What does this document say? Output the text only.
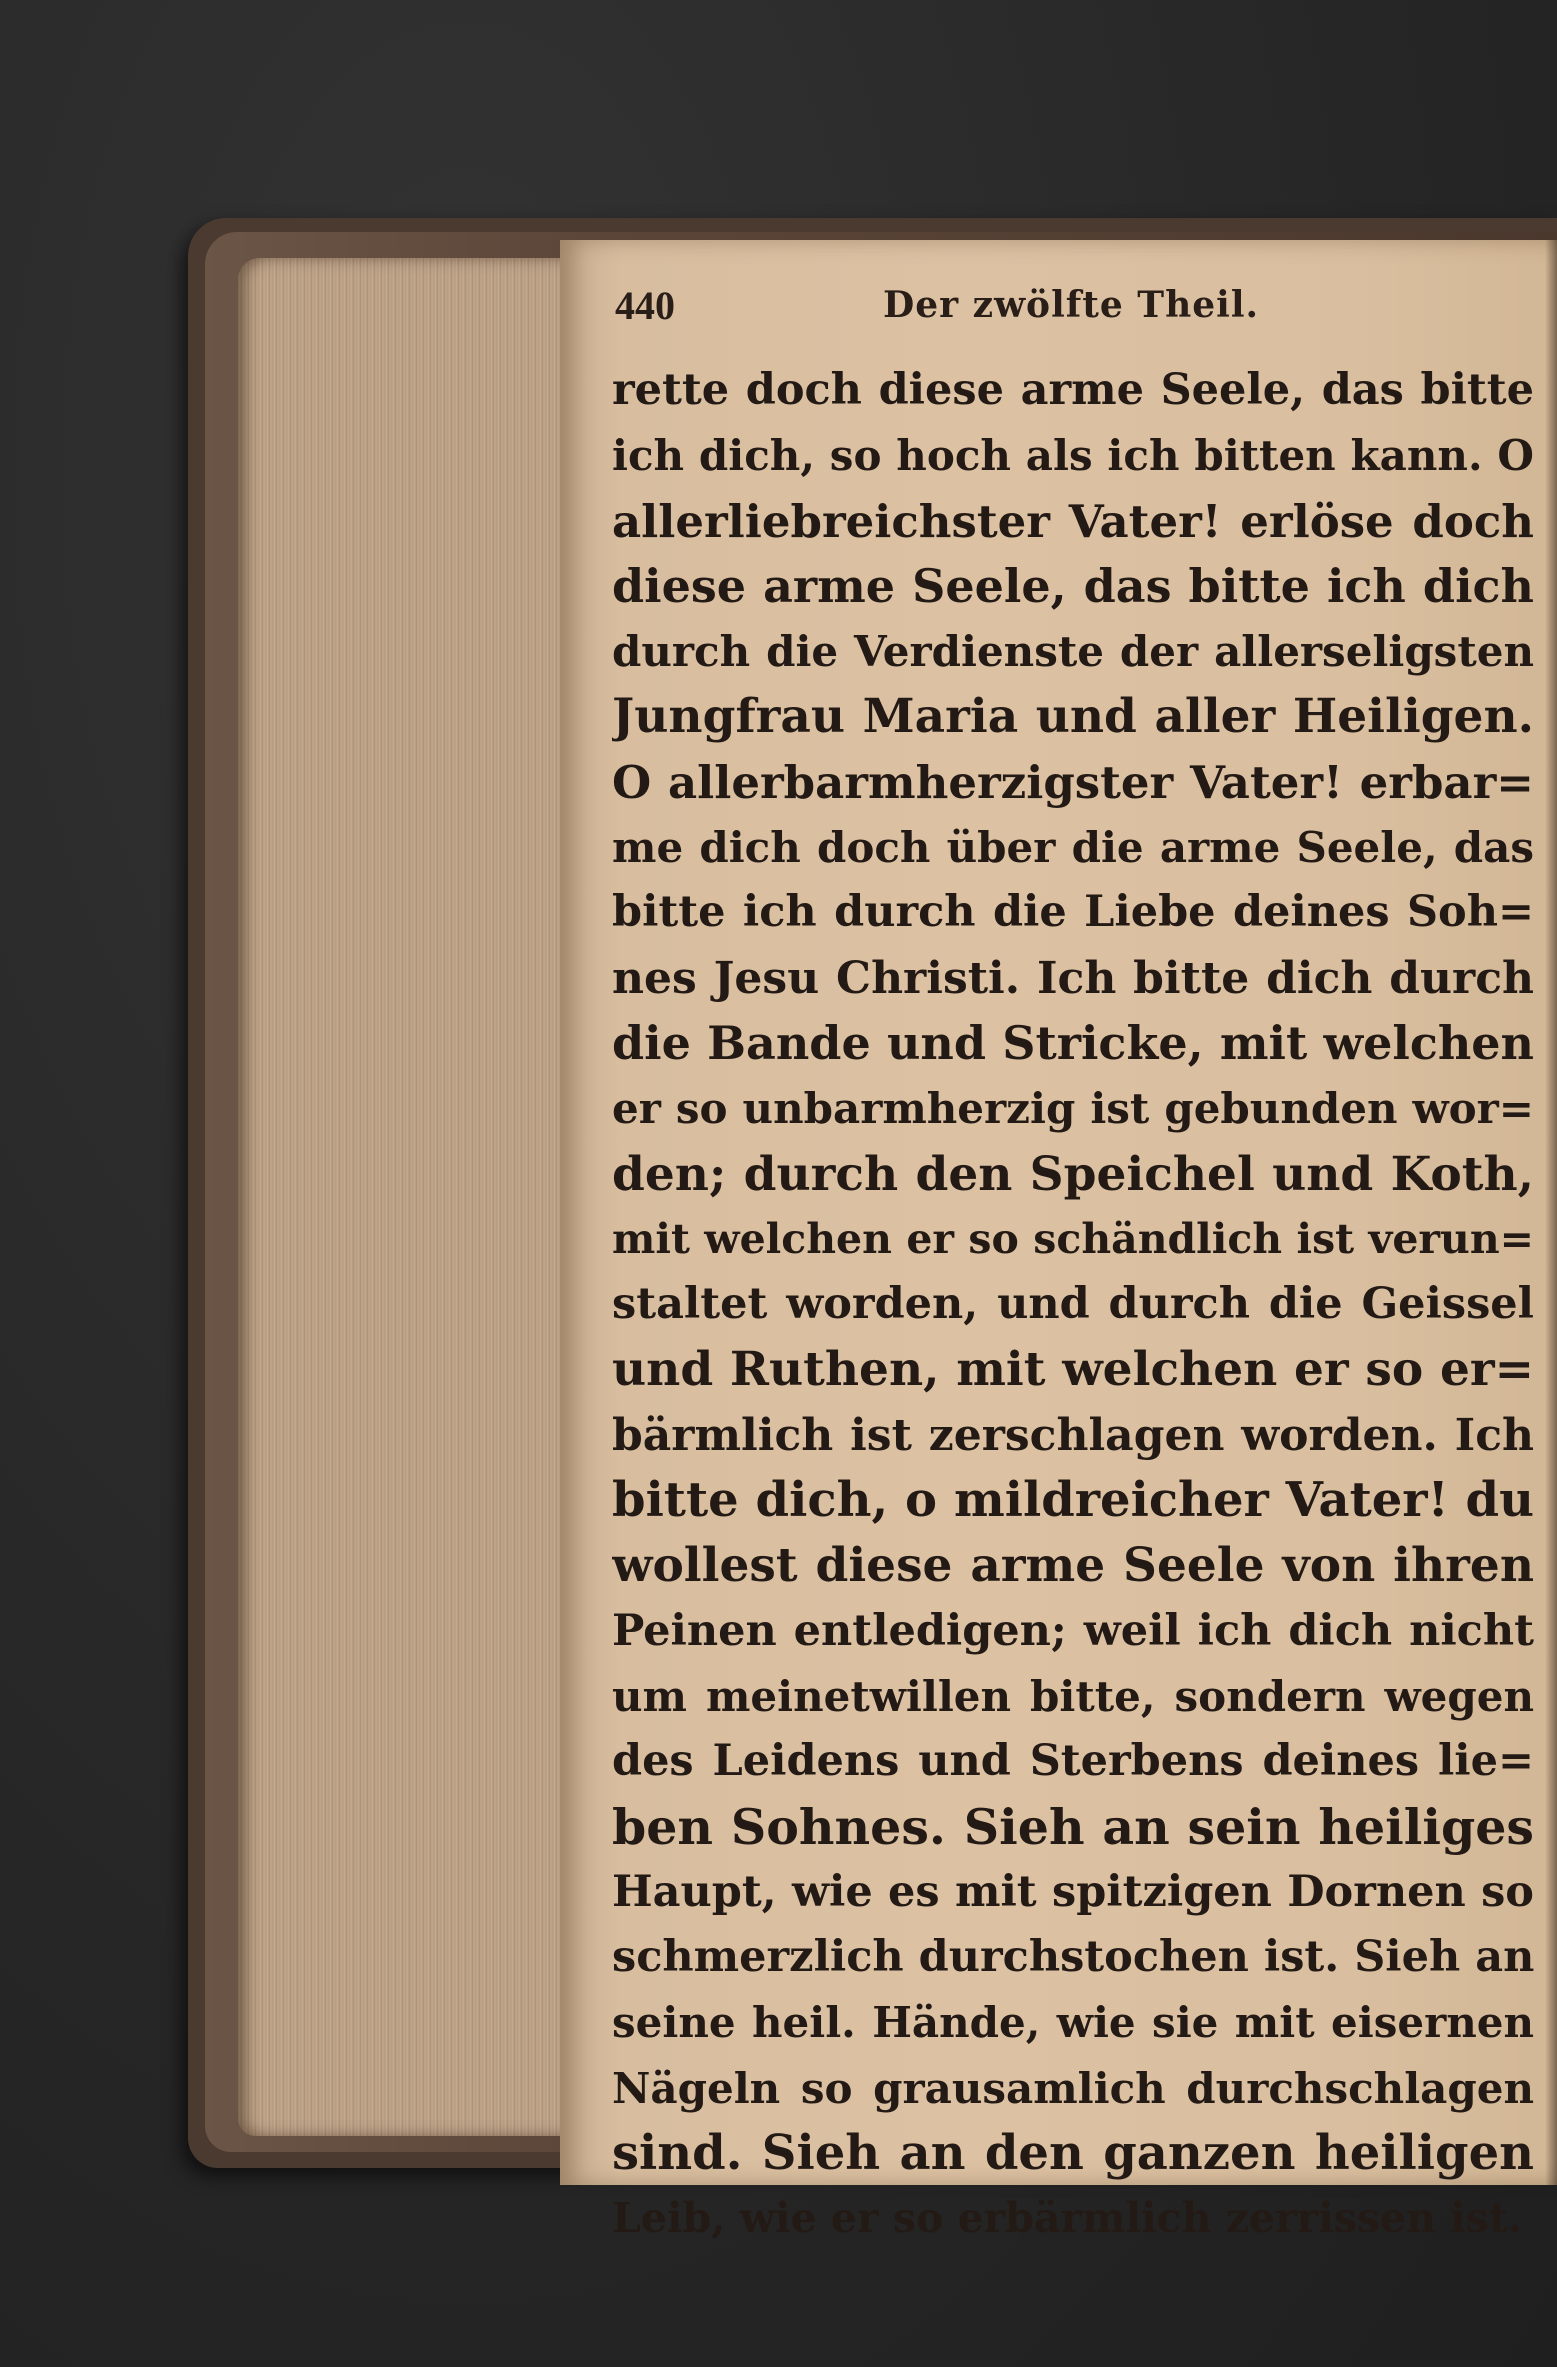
440	Der zwölfte Theil.
rette doch diese arme Seele, das bitte
ich dich, so hoch als ich bitten kann. O
allerliebreichster Vater! erlöse doch
diese arme Seele, das bitte ich dich
durch die Verdienste der allerseligsten
Jungfrau Maria und aller Heiligen.
O allerbarmherzigster Vater! erbar=
me dich doch über die arme Seele, das
bitte ich durch die Liebe deines Soh=
nes Jesu Christi. Ich bitte dich durch
die Bande und Stricke, mit welchen
er so unbarmherzig ist gebunden wor=
den; durch den Speichel und Koth,
mit welchen er so schändlich ist verun=
staltet worden, und durch die Geissel
und Ruthen, mit welchen er so er=
bärmlich ist zerschlagen worden. Ich
bitte dich, o mildreicher Vater! du
wollest diese arme Seele von ihren
Peinen entledigen; weil ich dich nicht
um meinetwillen bitte, sondern wegen
des Leidens und Sterbens deines lie=
ben Sohnes. Sieh an sein heiliges
Haupt, wie es mit spitzigen Dornen so
schmerzlich durchstochen ist. Sieh an
seine heil. Hände, wie sie mit eisernen
Nägeln so grausamlich durchschlagen
sind. Sieh an den ganzen heiligen
Leib, wie er so erbärmlich zerrissen ist.
